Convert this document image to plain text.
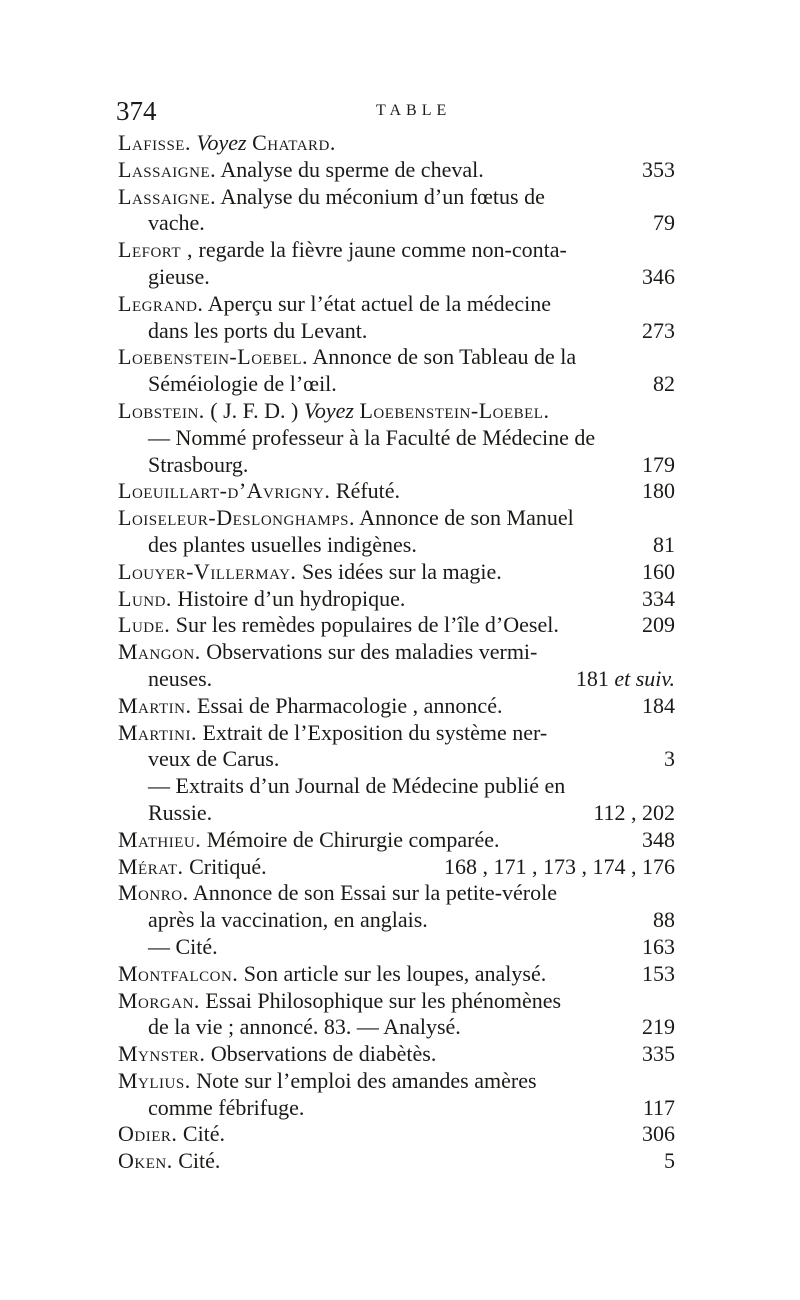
374	TABLE
Lafisse. Voyez Chatard.
Lassaigne. Analyse du sperme de cheval.	353
Lassaigne. Analyse du méconium d’un fœtus de
vache.	79
Lefort , regarde la fièvre jaune comme non-conta-
gieuse.	346
Legrand. Aperçu sur l’état actuel de la médecine
dans les ports du Levant.	273
Loebenstein-Loebel. Annonce de son Tableau de la
Séméiologie de l’œil.	82
Lobstein. ( J. F. D. ) Voyez Loebenstein-Loebel.
— Nommé professeur à la Faculté de Médecine de
Strasbourg.	179
Loeuillart-d’Avrigny. Réfuté.	180
Loiseleur-Deslonghamps. Annonce de son Manuel
des plantes usuelles indigènes.	81
Louyer-Villermay. Ses idées sur la magie.	160
Lund. Histoire d’un hydropique.	334
Lude. Sur les remèdes populaires de l’île d’Oesel.	209
Mangon. Observations sur des maladies vermi-
neuses.	181 et suiv.
Martin. Essai de Pharmacologie , annoncé.	184
Martini. Extrait de l’Exposition du système ner-
veux de Carus.	3
— Extraits d’un Journal de Médecine publié en
Russie.	112 , 202
Mathieu. Mémoire de Chirurgie comparée.	348
Mérat. Critiqué.	168 , 171 , 173 , 174 , 176
Monro. Annonce de son Essai sur la petite-vérole
après la vaccination, en anglais.	88
— Cité.	163
Montfalcon. Son article sur les loupes, analysé.	153
Morgan. Essai Philosophique sur les phénomènes
de la vie ; annoncé. 83. — Analysé.	219
Mynster. Observations de diabètès.	335
Mylius. Note sur l’emploi des amandes amères
comme fébrifuge.	117
Odier. Cité.	306
Oken. Cité.	5
